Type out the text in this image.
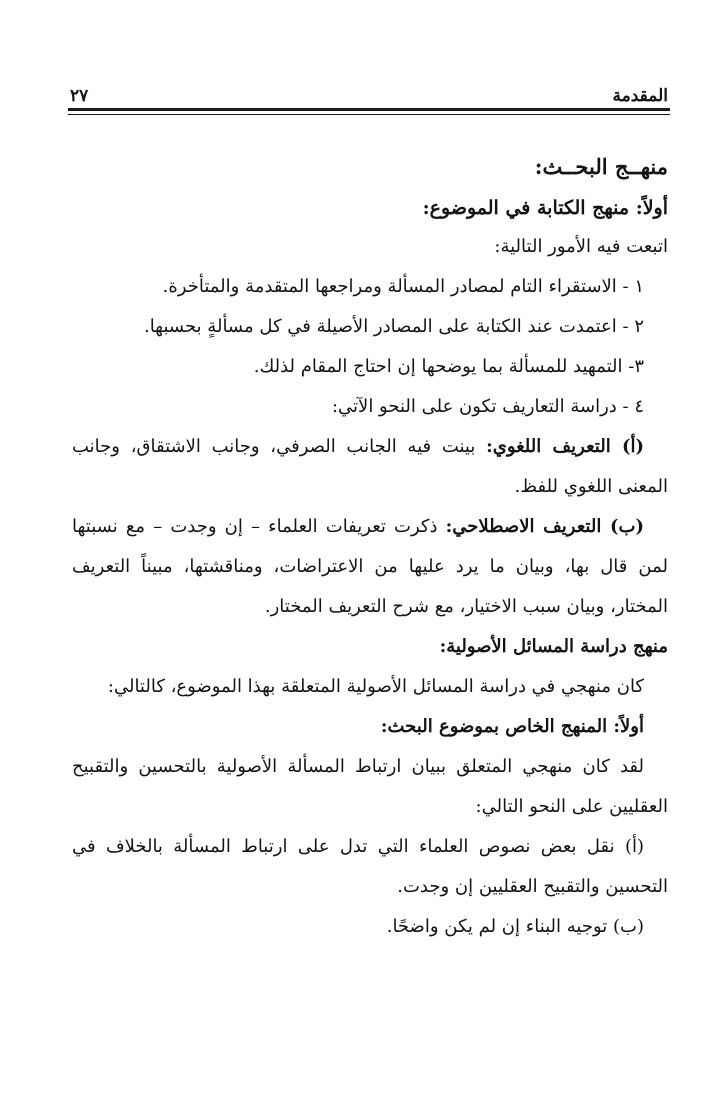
المقدمة
٢٧

منهــج البحــث:

أولاً: منهج الكتابة في الموضوع:

اتبعت فيه الأمور التالية:

١ - الاستقراء التام لمصادر المسألة ومراجعها المتقدمة والمتأخرة.

٢ - اعتمدت عند الكتابة على المصادر الأصيلة في كل مسألةٍ بحسبها.

٣- التمهيد للمسألة بما يوضحها إن احتاج المقام لذلك.

٤ - دراسة التعاريف تكون على النحو الآتي:

(أ) التعريف اللغوي: بينت فيه الجانب الصرفي، وجانب الاشتقاق، وجانب

المعنى اللغوي للفظ.

(ب) التعريف الاصطلاحي: ذكرت تعريفات العلماء – إن وجدت – مع نسبتها

لمن قال بها، وبيان ما يرد عليها من الاعتراضات، ومناقشتها، مبيناً التعريف

المختار، وبيان سبب الاختيار، مع شرح التعريف المختار.

منهج دراسة المسائل الأصولية:

كان منهجي في دراسة المسائل الأصولية المتعلقة بهذا الموضوع، كالتالي:

أولاً: المنهج الخاص بموضوع البحث:

لقد كان منهجي المتعلق ببيان ارتباط المسألة الأصولية بالتحسين والتقبيح

العقليين على النحو التالي:

(أ) نقل بعض نصوص العلماء التي تدل على ارتباط المسألة بالخلاف في

التحسين والتقبيح العقليين إن وجدت.

(ب) توجيه البناء إن لم يكن واضحًا.
